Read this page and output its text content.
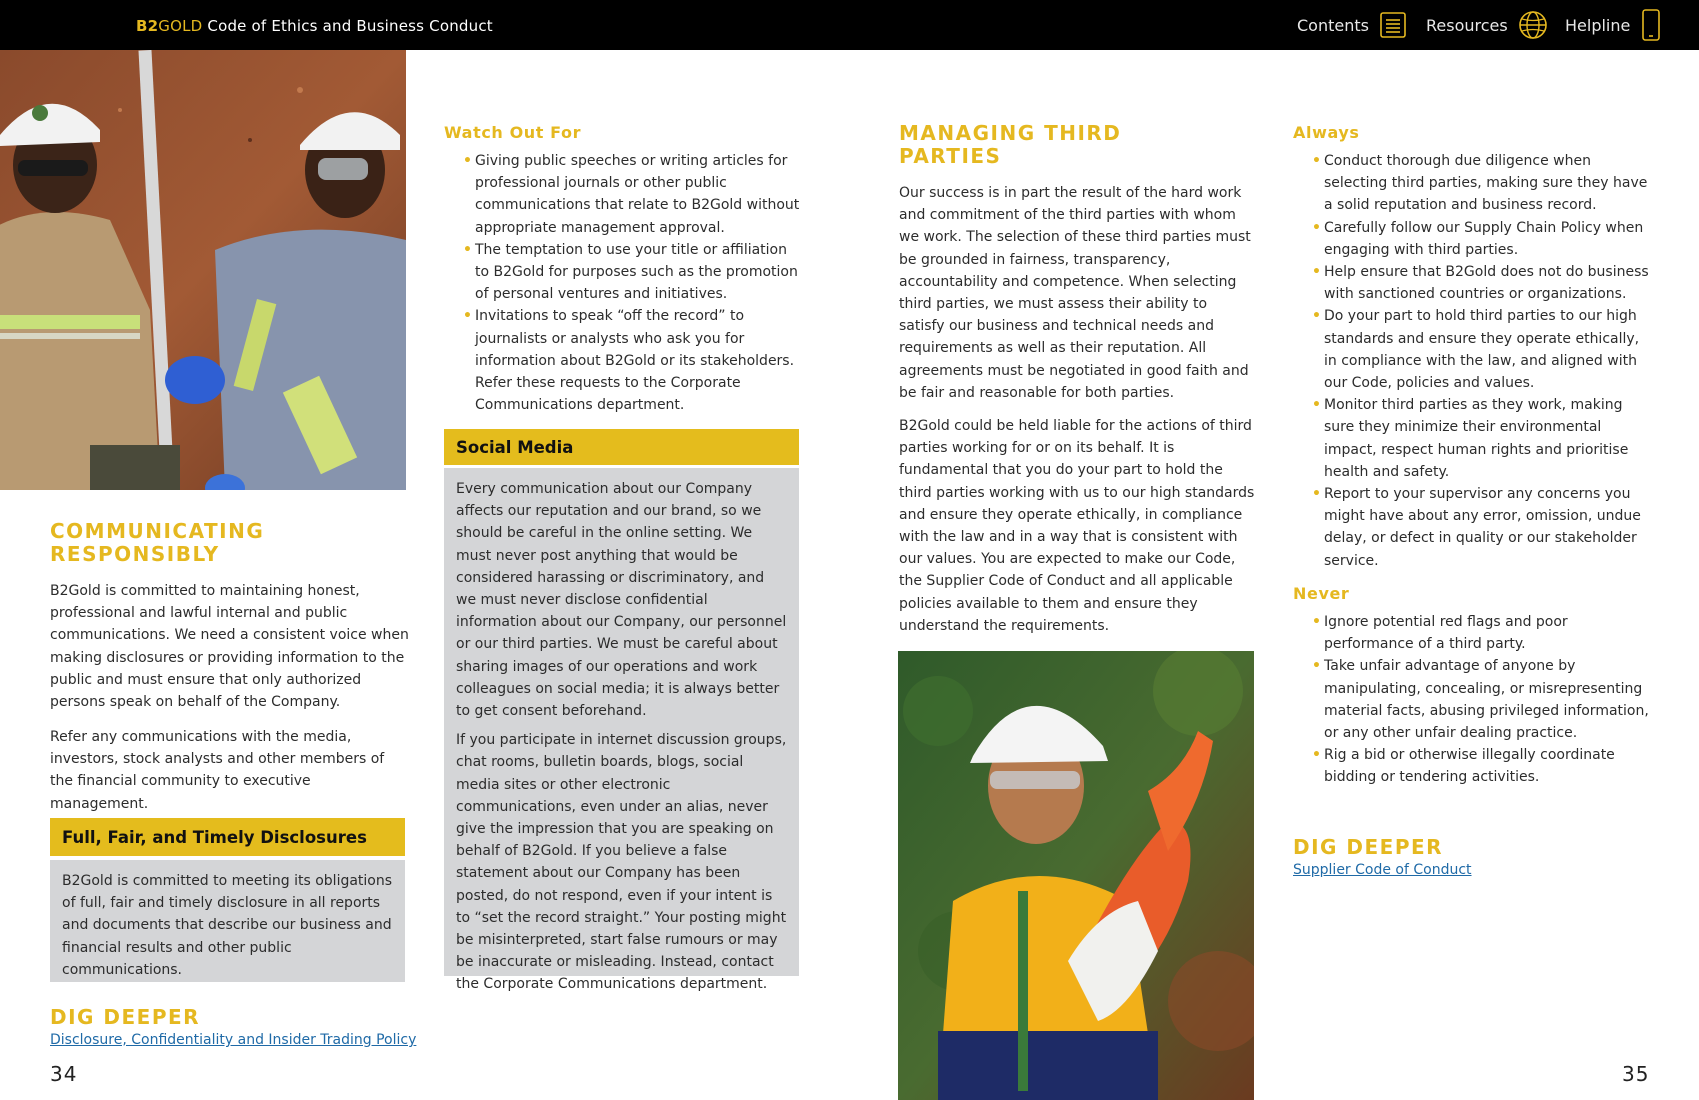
B2GOLD Code of Ethics and Business Conduct	Contents	Resources	Helpline
COMMUNICATING RESPONSIBLY

B2Gold is committed to maintaining honest, professional and lawful internal and public communications. We need a consistent voice when making disclosures or providing information to the public and must ensure that only authorized persons speak on behalf of the Company.

Refer any communications with the media, investors, stock analysts and other members of the financial community to executive management.

Full, Fair, and Timely Disclosures

B2Gold is committed to meeting its obligations of full, fair and timely disclosure in all reports and documents that describe our business and financial results and other public communications.

DIG DEEPER
Disclosure, Confidentiality and Insider Trading Policy
34
Watch Out For
• Giving public speeches or writing articles for professional journals or other public communications that relate to B2Gold without appropriate management approval.
• The temptation to use your title or affiliation to B2Gold for purposes such as the promotion of personal ventures and initiatives.
• Invitations to speak “off the record” to journalists or analysts who ask you for information about B2Gold or its stakeholders. Refer these requests to the Corporate Communications department.
Social Media

Every communication about our Company affects our reputation and our brand, so we should be careful in the online setting. We must never post anything that would be considered harassing or discriminatory, and we must never disclose confidential information about our Company, our personnel or our third parties. We must be careful about sharing images of our operations and work colleagues on social media; it is always better to get consent beforehand.

If you participate in internet discussion groups, chat rooms, bulletin boards, blogs, social media sites or other electronic communications, even under an alias, never give the impression that you are speaking on behalf of B2Gold. If you believe a false statement about our Company has been posted, do not respond, even if your intent is to “set the record straight.” Your posting might be misinterpreted, start false rumours or may be inaccurate or misleading. Instead, contact the Corporate Communications department.

MANAGING THIRD PARTIES

Our success is in part the result of the hard work and commitment of the third parties with whom we work. The selection of these third parties must be grounded in fairness, transparency, accountability and competence. When selecting third parties, we must assess their ability to satisfy our business and technical needs and requirements as well as their reputation. All agreements must be negotiated in good faith and be fair and reasonable for both parties.

B2Gold could be held liable for the actions of third parties working for or on its behalf. It is fundamental that you do your part to hold the third parties working with us to our high standards and ensure they operate ethically, in compliance with the law and in a way that is consistent with our values. You are expected to make our Code, the Supplier Code of Conduct and all applicable policies available to them and ensure they understand the requirements.

Always
• Conduct thorough due diligence when selecting third parties, making sure they have a solid reputation and business record.
• Carefully follow our Supply Chain Policy when engaging with third parties.
• Help ensure that B2Gold does not do business with sanctioned countries or organizations.
• Do your part to hold third parties to our high standards and ensure they operate ethically, in compliance with the law, and aligned with our Code, policies and values.
• Monitor third parties as they work, making sure they minimize their environmental impact, respect human rights and prioritise health and safety.
• Report to your supervisor any concerns you might have about any error, omission, undue delay, or defect in quality or our stakeholder service.
Never
• Ignore potential red flags and poor performance of a third party.
• Take unfair advantage of anyone by manipulating, concealing, or misrepresenting material facts, abusing privileged information, or any other unfair dealing practice.
• Rig a bid or otherwise illegally coordinate bidding or tendering activities.
DIG DEEPER
Supplier Code of Conduct
35
